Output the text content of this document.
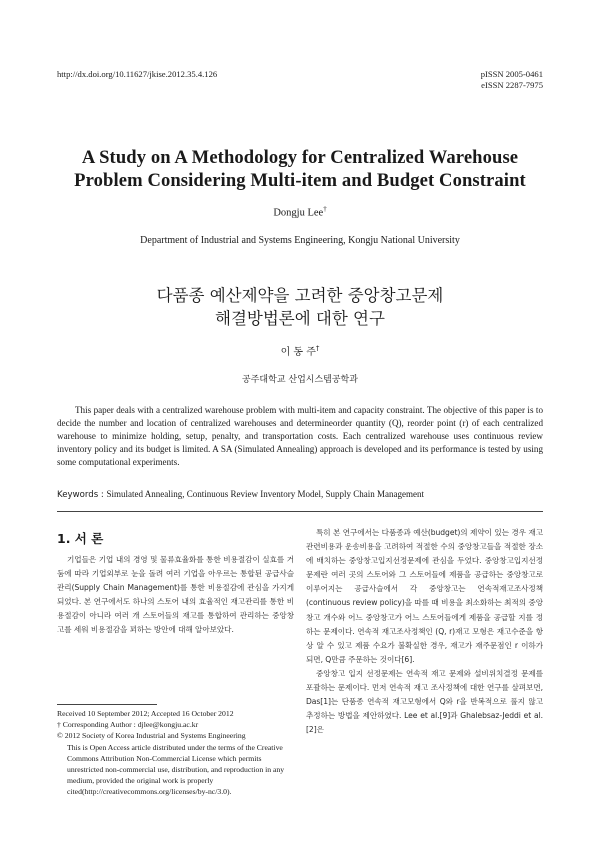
http://dx.doi.org/10.11627/jkise.2012.35.4.126	pISSN 2005-0461
eISSN 2287-7975
A Study on A Methodology for Centralized Warehouse
Problem Considering Multi-item and Budget Constraint
Dongju Lee†
Department of Industrial and Systems Engineering, Kongju National University
다품종 예산제약을 고려한 중앙창고문제
해결방법론에 대한 연구
이 동 주†
공주대학교 산업시스템공학과

This paper deals with a centralized warehouse problem with multi-item and capacity constraint. The objective of this paper is to decide the number and location of centralized warehouses and determineorder quantity (Q), reorder point (r) of each centralized warehouse to minimize holding, setup, penalty, and transportation costs. Each centralized warehouse uses continuous review inventory policy and its budget is limited. A SA (Simulated Annealing) approach is developed and its performance is tested by using some computational experiments.

Keywords : Simulated Annealing, Continuous Review Inventory Model, Supply Chain Management
1. 서 론

기업들은 기업 내의 경영 및 물류효율화를 통한 비용절감이 실효를 거둠에 따라 기업외부로 눈을 돌려 여러 기업을 아우르는 통합된 공급사슬관리(Supply Chain Management)를 통한 비용절감에 관심을 가지게 되었다. 본 연구에서도 하나의 스토어 내의 효율적인 재고관리를 통한 비용절감이 아니라 여러 개 스토어들의 재고를 통합하여 관리하는 중앙창고를 세워 비용절감을 꾀하는 방안에 대해 알아보았다.

Received 10 September 2012; Accepted 16 October 2012

† Corresponding Author : djlee@kongju.ac.kr

© 2012 Society of Korea Industrial and Systems Engineering

This is Open Access article distributed under the terms of the Creative Commons Attribution Non-Commercial License which permits unrestricted non-commercial use, distribution, and reproduction in any medium, provided the original work is properly cited(http://creativecommons.org/licenses/by-nc/3.0).

특히 본 연구에서는 다품종과 예산(budget)의 제약이 있는 경우 재고관련비용과 운송비용을 고려하여 적절한 수의 중앙창고들을 적절한 장소에 배치하는 중앙창고입지선정문제에 관심을 두었다. 중앙창고입지선정문제란 여러 곳의 스토어와 그 스토어들에 제품을 공급하는 중앙창고로 이루어지는 공급사슬에서 각 중앙창고는 연속적재고조사정책(continuous review policy)을 따를 때 비용을 최소화하는 최적의 중앙창고 개수와 어느 중앙창고가 어느 스토어들에게 제품을 공급할 지를 정하는 문제이다. 연속적 재고조사정책인 (Q, r)재고 모형은 재고수준을 항상 알 수 있고 제품 수요가 불확실한 경우, 재고가 재주문점인 r 이하가 되면, Q만큼 주문하는 것이다[6].

중앙창고 입지 선정문제는 연속적 재고 문제와 설비위치결정 문제를 포괄하는 문제이다. 먼저 연속적 재고 조사정책에 대한 연구를 살펴보면, Das[1]는 단품종 연속적 재고모형에서 Q와 r을 반복적으로 풀지 않고 추정하는 방법을 제안하였다. Lee et al.[9]과 Ghalebsaz-Jeddi et al.[2]은
